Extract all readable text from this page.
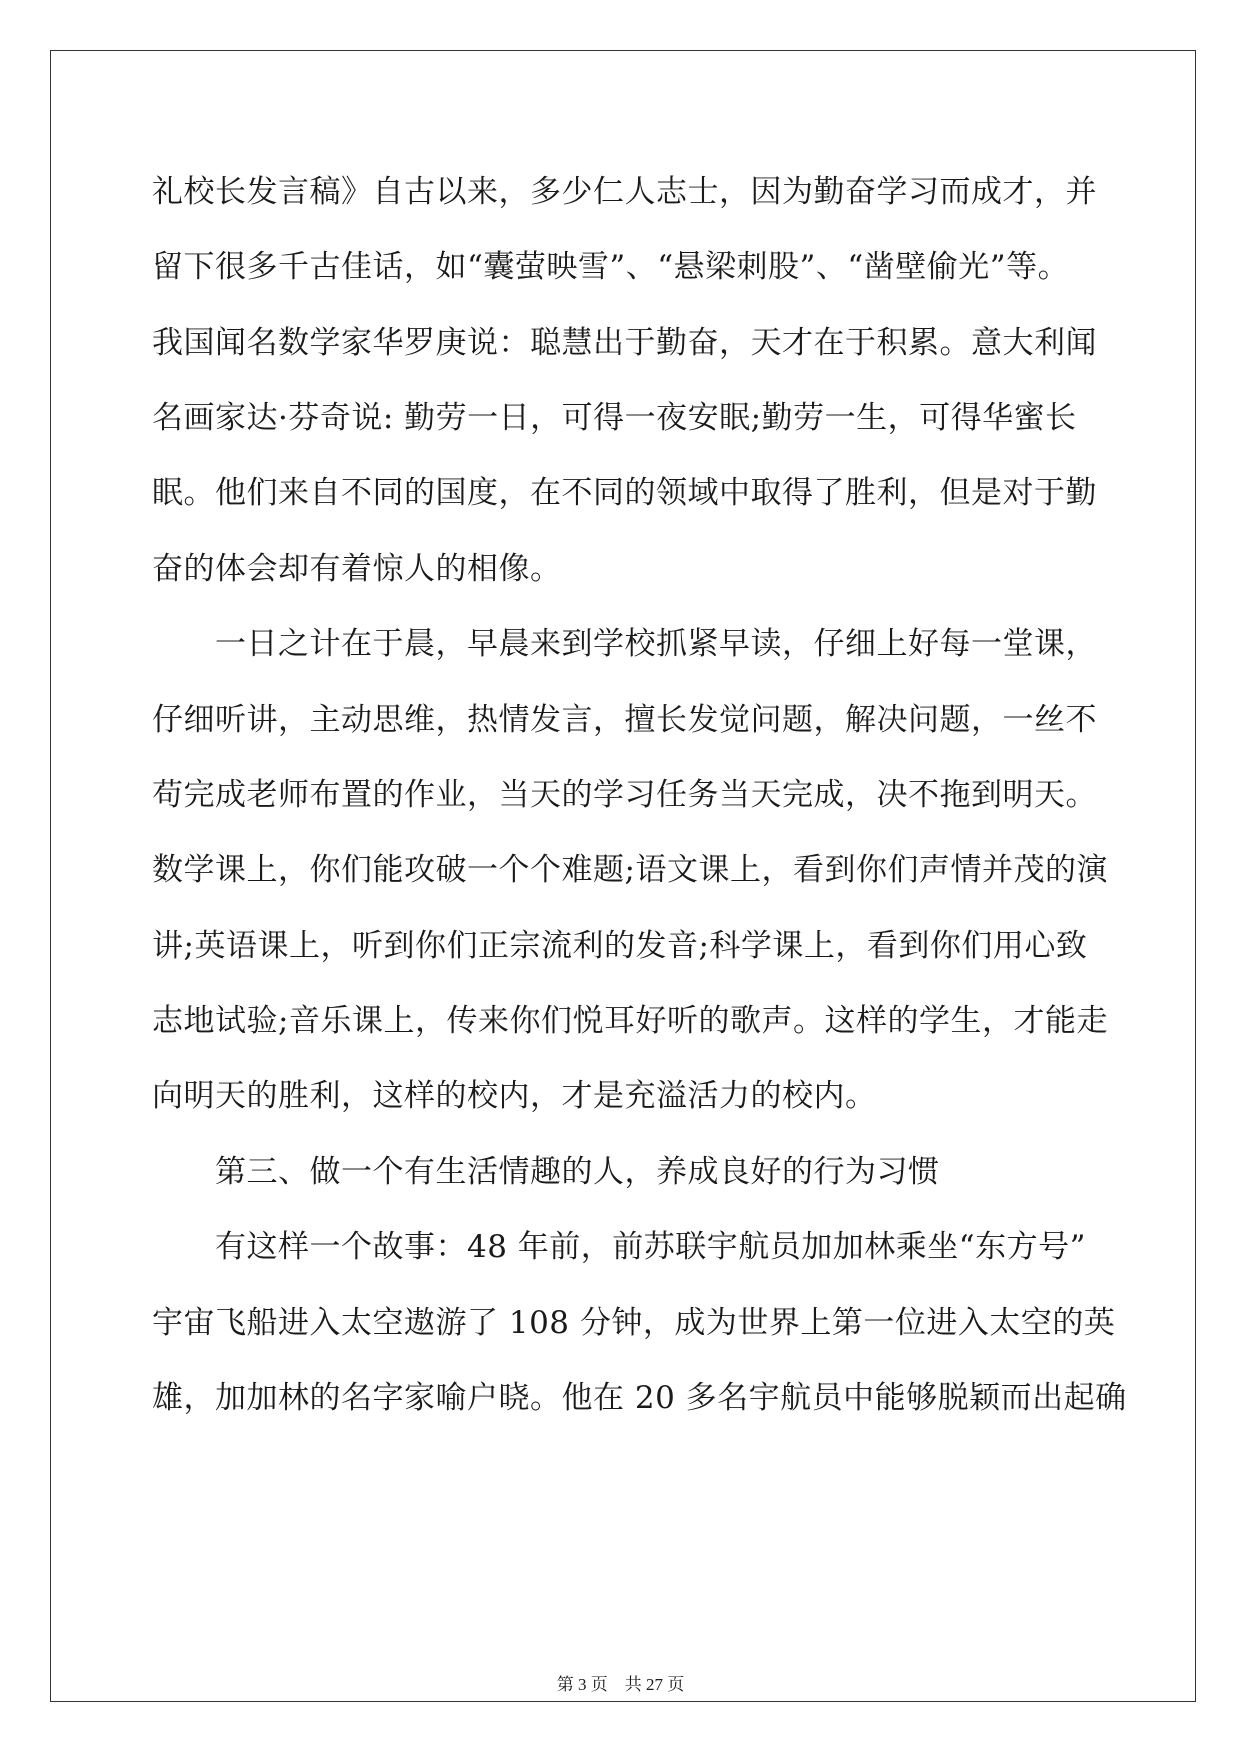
礼校长发言稿》自古以来，多少仁人志士，因为勤奋学习而成才，并
留下很多千古佳话，如“囊萤映雪”、“悬梁刺股”、“凿壁偷光”等。
我国闻名数学家华罗庚说：聪慧出于勤奋，天才在于积累。意大利闻
名画家达·芬奇说: 勤劳一日，可得一夜安眠;勤劳一生，可得华蜜长
眠。他们来自不同的国度，在不同的领域中取得了胜利，但是对于勤
奋的体会却有着惊人的相像。
　　一日之计在于晨，早晨来到学校抓紧早读，仔细上好每一堂课，
仔细听讲，主动思维，热情发言，擅长发觉问题，解决问题，一丝不
苟完成老师布置的作业，当天的学习任务当天完成，决不拖到明天。
数学课上，你们能攻破一个个难题;语文课上，看到你们声情并茂的演
讲;英语课上，听到你们正宗流利的发音;科学课上，看到你们用心致
志地试验;音乐课上，传来你们悦耳好听的歌声。这样的学生，才能走
向明天的胜利，这样的校内，才是充溢活力的校内。
　　第三、做一个有生活情趣的人，养成良好的行为习惯
　　有这样一个故事：48 年前，前苏联宇航员加加林乘坐“东方号”
宇宙飞船进入太空遨游了 108 分钟，成为世界上第一位进入太空的英
雄，加加林的名字家喻户晓。他在 20 多名宇航员中能够脱颖而出起确
第 3 页 共 27 页
